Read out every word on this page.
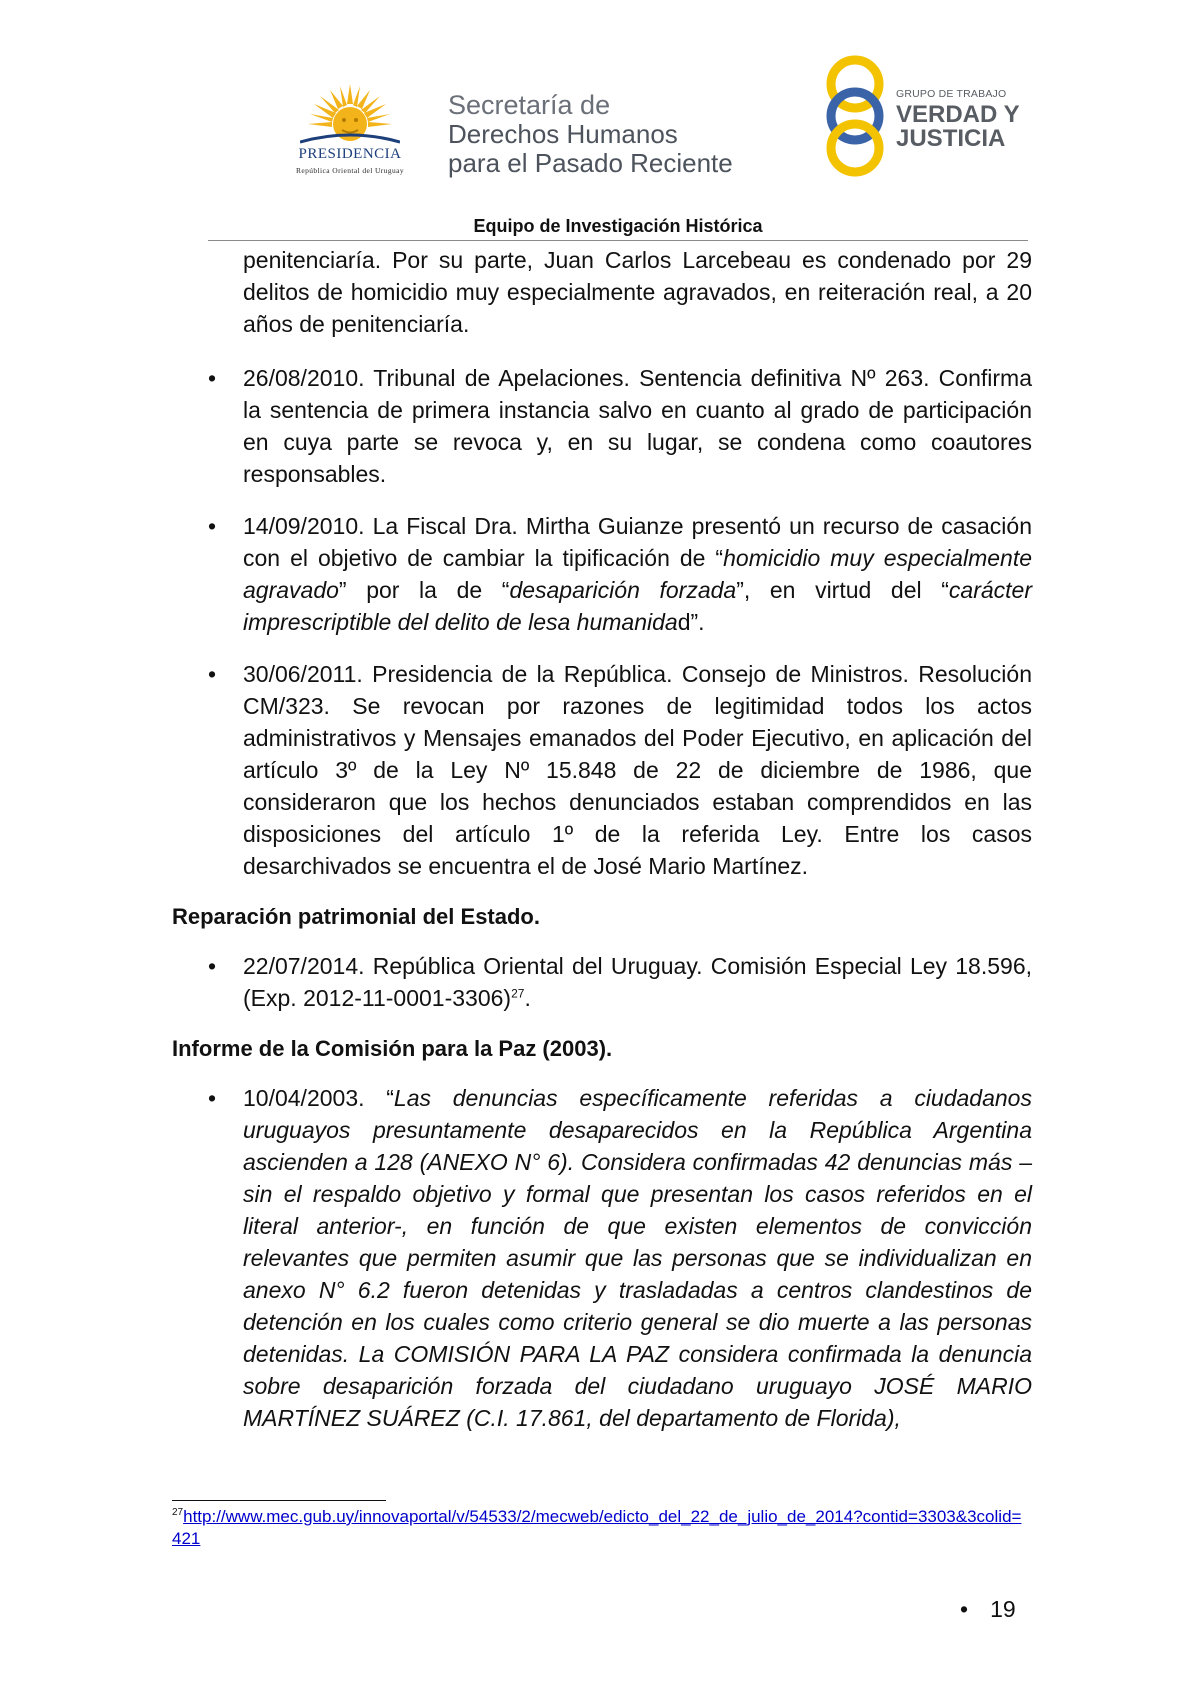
PRESIDENCIA
República Oriental del Uruguay
Secretaría de
Derechos Humanos
para el Pasado Reciente
GRUPO DE TRABAJO
VERDAD Y
JUSTICIA
Equipo de Investigación Histórica
penitenciaría. Por su parte, Juan Carlos Larcebeau es condenado por 29 delitos de homicidio muy especialmente agravados, en reiteración real, a 20 años de penitenciaría.
• 26/08/2010. Tribunal de Apelaciones. Sentencia definitiva Nº 263. Confirma la sentencia de primera instancia salvo en cuanto al grado de participación en cuya parte se revoca y, en su lugar, se condena como coautores responsables.
• 14/09/2010. La Fiscal Dra. Mirtha Guianze presentó un recurso de casación con el objetivo de cambiar la tipificación de “homicidio muy especialmente agravado” por la de “desaparición forzada”, en virtud del “carácter imprescriptible del delito de lesa humanidad”.
• 30/06/2011. Presidencia de la República. Consejo de Ministros. Resolución CM/323. Se revocan por razones de legitimidad todos los actos administrativos y Mensajes emanados del Poder Ejecutivo, en aplicación del artículo 3º de la Ley Nº 15.848 de 22 de diciembre de 1986, que consideraron que los hechos denunciados estaban comprendidos en las disposiciones del artículo 1º de la referida Ley. Entre los casos desarchivados se encuentra el de José Mario Martínez.
Reparación patrimonial del Estado.
• 22/07/2014. República Oriental del Uruguay. Comisión Especial Ley 18.596, (Exp. 2012-11-0001-3306)$^{27}$.
Informe de la Comisión para la Paz (2003).
• 10/04/2003. “Las denuncias específicamente referidas a ciudadanos uruguayos presuntamente desaparecidos en la República Argentina ascienden a 128 (ANEXO N° 6). Considera confirmadas 42 denuncias más –sin el respaldo objetivo y formal que presentan los casos referidos en el literal anterior-, en función de que existen elementos de convicción relevantes que permiten asumir que las personas que se individualizan en anexo N° 6.2 fueron detenidas y trasladadas a centros clandestinos de detención en los cuales como criterio general se dio muerte a las personas detenidas. La COMISIÓN PARA LA PAZ considera confirmada la denuncia sobre desaparición forzada del ciudadano uruguayo JOSÉ MARIO MARTÍNEZ SUÁREZ (C.I. 17.861, del departamento de Florida),
$^{27}$http://www.mec.gub.uy/innovaportal/v/54533/2/mecweb/edicto_del_22_de_julio_de_2014?contid=3303&3colid=421
• 19
